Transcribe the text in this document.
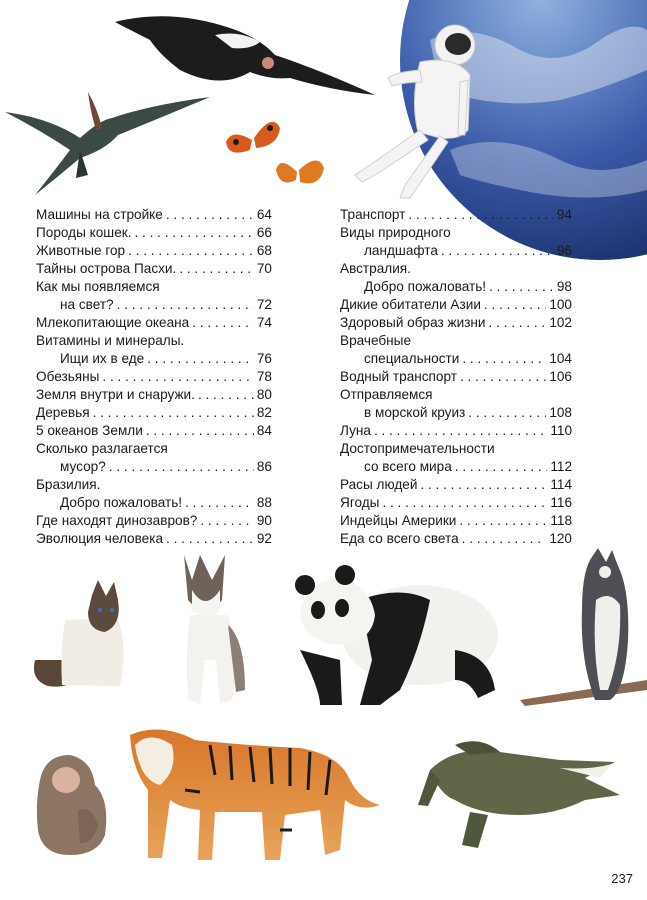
Машины на стройке . . .	64
Породы кошек. . . .	66
Животные гор . . .	68
Тайны острова Пасхи. . . .	70
Как мы появляемся
на свет? . . .	72
Млекопитающие океана . . .	74
Витамины и минералы.
Ищи их в еде . . .	76
Обезьяны . . .	78
Земля внутри и снаружи. . . .	80
Деревья . . .	82
5 океанов Земли . . .	84
Сколько разлагается
мусор? . . .	86
Бразилия.
Добро пожаловать! . . .	88
Где находят динозавров? . . .	90
Эволюция человека . . .	92
Транспорт . . .	94
Виды природного
ландшафта . . .	96
Австралия.
Добро пожаловать! . . .	98
Дикие обитатели Азии . . .	100
Здоровый образ жизни . . .	102
Врачебные
специальности . . .	104
Водный транспорт . . .	106
Отправляемся
в морской круиз . . .	108
Луна . . .	110
Достопримечательности
со всего мира . . .	112
Расы людей . . .	114
Ягоды . . .	116
Индейцы Америки . . .	118
Еда со всего света . . .	120
237
